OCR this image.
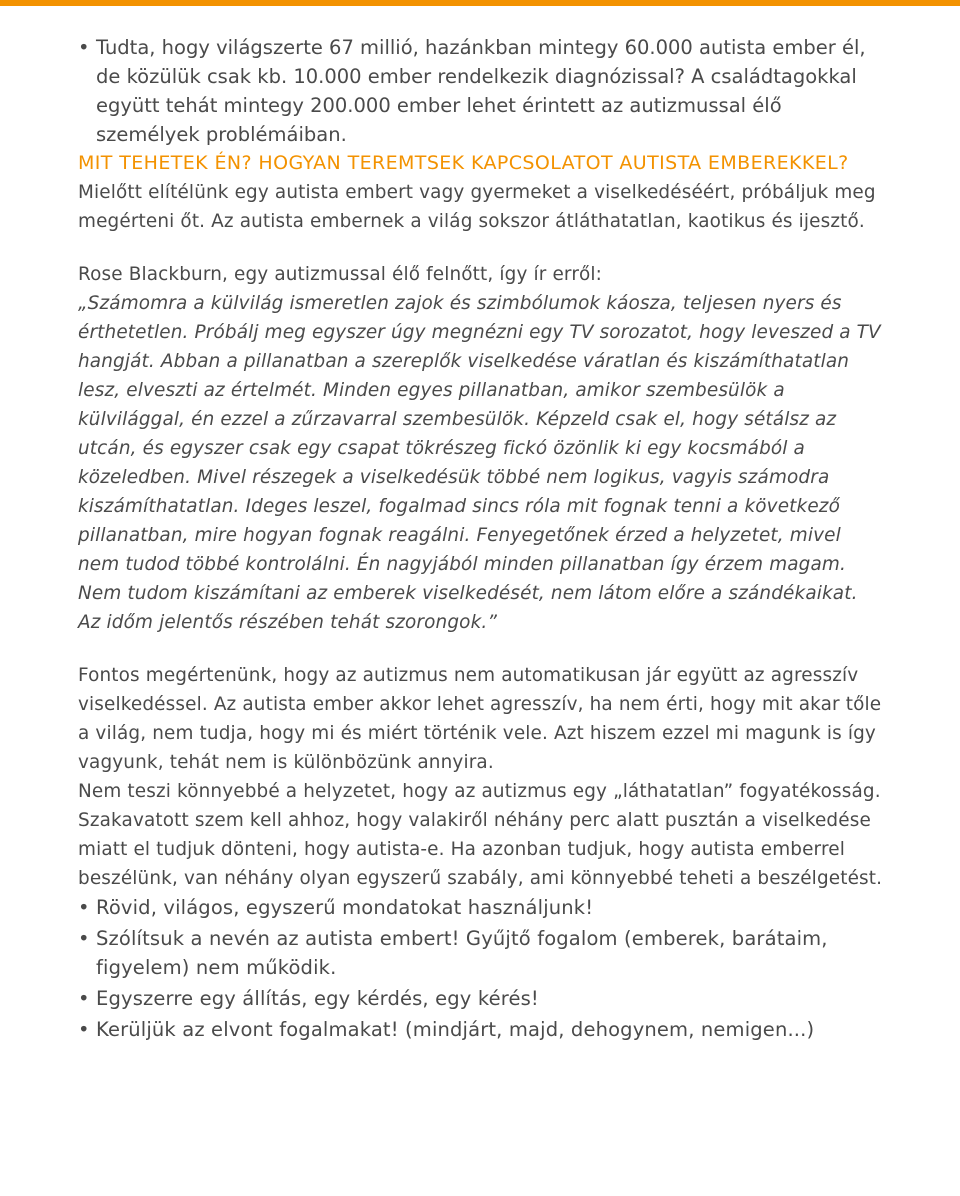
• Tudta, hogy világszerte 67 millió, hazánkban mintegy 60.000 autista ember él, de közülük csak kb. 10.000 ember rendelkezik diagnózissal? A családtagokkal együtt tehát mintegy 200.000 ember lehet érintett az autizmussal élő személyek problémáiban.
MIT TEHETEK ÉN? HOGYAN TEREMTSEK KAPCSOLATOT AUTISTA EMBEREKKEL?

Mielőtt elítélünk egy autista embert vagy gyermeket a viselkedéséért, próbáljuk meg megérteni őt. Az autista embernek a világ sokszor átláthatatlan, kaotikus és ijesztő.

Rose Blackburn, egy autizmussal élő felnőtt, így ír erről:

„Számomra a külvilág ismeretlen zajok és szimbólumok káosza, teljesen nyers és érthetetlen. Próbálj meg egyszer úgy megnézni egy TV sorozatot, hogy leveszed a TV hangját. Abban a pillanatban a szereplők viselkedése váratlan és kiszámíthatatlan lesz, elveszti az értelmét. Minden egyes pillanatban, amikor szembesülök a külvilággal, én ezzel a zűrzavarral szembesülök. Képzeld csak el, hogy sétálsz az utcán, és egyszer csak egy csapat tökrészeg fickó özönlik ki egy kocsmából a közeledben. Mivel részegek a viselkedésük többé nem logikus, vagyis számodra kiszámíthatatlan. Ideges leszel, fogalmad sincs róla mit fognak tenni a következő pillanatban, mire hogyan fognak reagálni. Fenyegetőnek érzed a helyzetet, mivel nem tudod többé kontrolálni. Én nagyjából minden pillanatban így érzem magam. Nem tudom kiszámítani az emberek viselkedését, nem látom előre a szándékaikat. Az időm jelentős részében tehát szorongok.”

Fontos megértenünk, hogy az autizmus nem automatikusan jár együtt az agresszív viselkedéssel. Az autista ember akkor lehet agresszív, ha nem érti, hogy mit akar tőle a világ, nem tudja, hogy mi és miért történik vele. Azt hiszem ezzel mi magunk is így vagyunk, tehát nem is különbözünk annyira.

Nem teszi könnyebbé a helyzetet, hogy az autizmus egy „láthatatlan” fogyatékosság. Szakavatott szem kell ahhoz, hogy valakiről néhány perc alatt pusztán a viselkedése miatt el tudjuk dönteni, hogy autista-e. Ha azonban tudjuk, hogy autista emberrel beszélünk, van néhány olyan egyszerű szabály, ami könnyebbé teheti a beszélgetést.

• Rövid, világos, egyszerű mondatokat használjunk!
• Szólítsuk a nevén az autista embert! Gyűjtő fogalom (emberek, barátaim, figyelem) nem működik.
• Egyszerre egy állítás, egy kérdés, egy kérés!
• Kerüljük az elvont fogalmakat! (mindjárt, majd, dehogynem, nemigen...)
